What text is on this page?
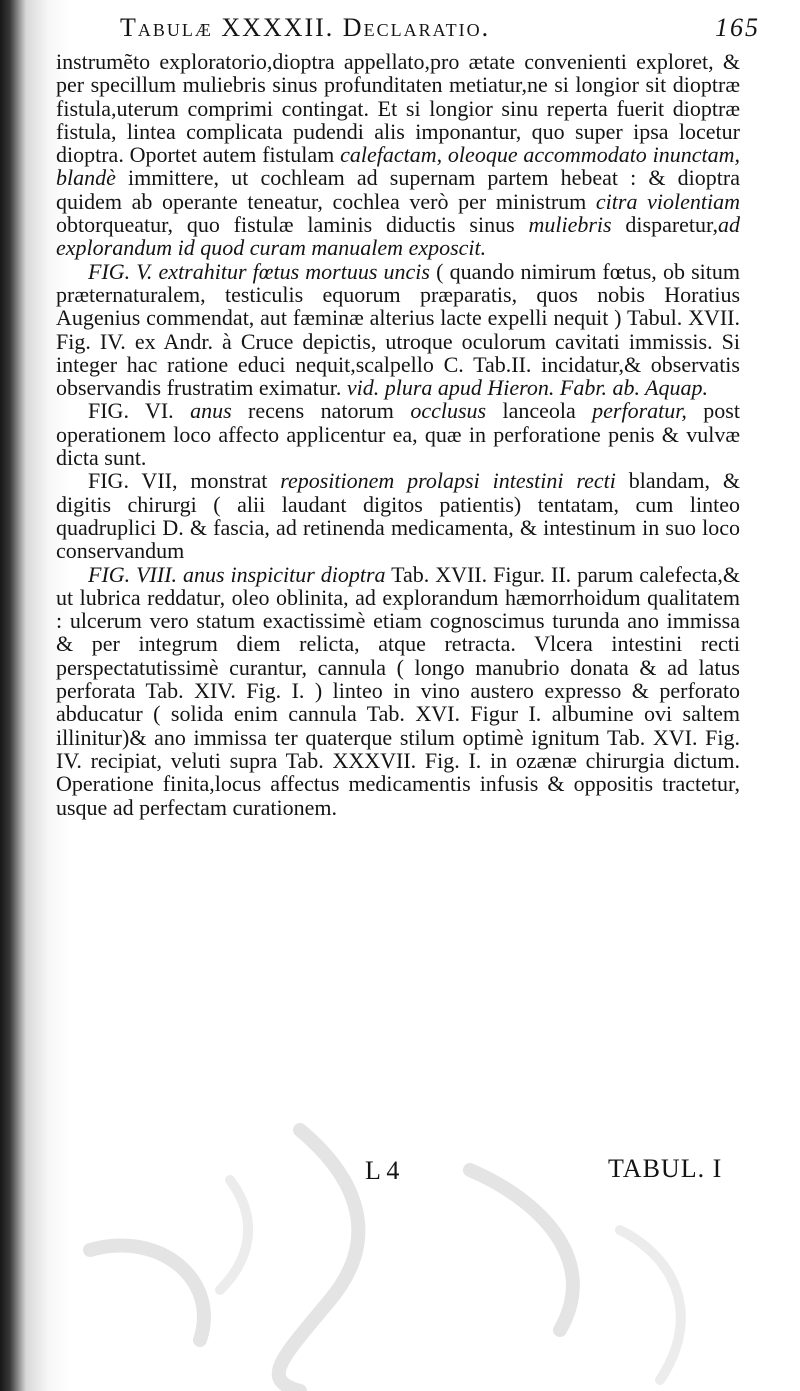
Tabulæ XXXXII. Declaratio.	165

instrumẽto exploratorio,dioptra appellato,pro ætate convenienti exploret, & per specillum muliebris sinus profunditaten metiatur,ne si longior sit dioptræ fistula,uterum comprimi contingat. Et si longior sinu reperta fuerit dioptræ fistula, lintea complicata pudendi alis imponantur, quo super ipsa locetur dioptra. Oportet autem fistulam calefactam, oleoque accommodato inunctam, blandè immittere, ut cochleam ad supernam partem hebeat : & dioptra quidem ab operante teneatur, cochlea verò per ministrum citra violentiam obtorqueatur, quo fistulæ laminis diductis sinus muliebris disparetur,ad explorandum id quod curam manualem exposcit.

FIG. V. extrahitur fœtus mortuus uncis ( quando nimirum fœtus, ob situm præternaturalem, testiculis equorum præparatis, quos nobis Horatius Augenius commendat, aut fæminæ alterius lacte expelli nequit ) Tabul. XVII. Fig. IV. ex Andr. à Cruce depictis, utroque oculorum cavitati immissis. Si integer hac ratione educi nequit,scalpello C. Tab.II. incidatur,& observatis observandis frustratim eximatur. vid. plura apud Hieron. Fabr. ab. Aquap.

FIG. VI. anus recens natorum occlusus lanceola perforatur, post operationem loco affecto applicentur ea, quæ in perforatione penis & vulvæ dicta sunt.

FIG. VII, monstrat repositionem prolapsi intestini recti blandam, & digitis chirurgi ( alii laudant digitos patientis) tentatam, cum linteo quadruplici D. & fascia, ad retinenda medicamenta, & intestinum in suo loco conservandum

FIG. VIII. anus inspicitur dioptra Tab. XVII. Figur. II. parum calefecta,& ut lubrica reddatur, oleo oblinita, ad explorandum hæmorrhoidum qualitatem : ulcerum vero statum exactissimè etiam cognoscimus turunda ano immissa & per integrum diem relicta, atque retracta. Vlcera intestini recti perspectatutissimè curantur, cannula ( longo manubrio donata & ad latus perforata Tab. XIV. Fig. I. ) linteo in vino austero expresso & perforato abducatur ( solida enim cannula Tab. XVI. Figur I. albumine ovi saltem illinitur)& ano immissa ter quaterque stilum optimè ignitum Tab. XVI. Fig. IV. recipiat, veluti supra Tab. XXXVII. Fig. I. in ozænæ chirurgia dictum. Operatione finita,locus affectus medicamentis infusis & oppositis tractetur, usque ad perfectam curationem.

L 4	TABUL. I
